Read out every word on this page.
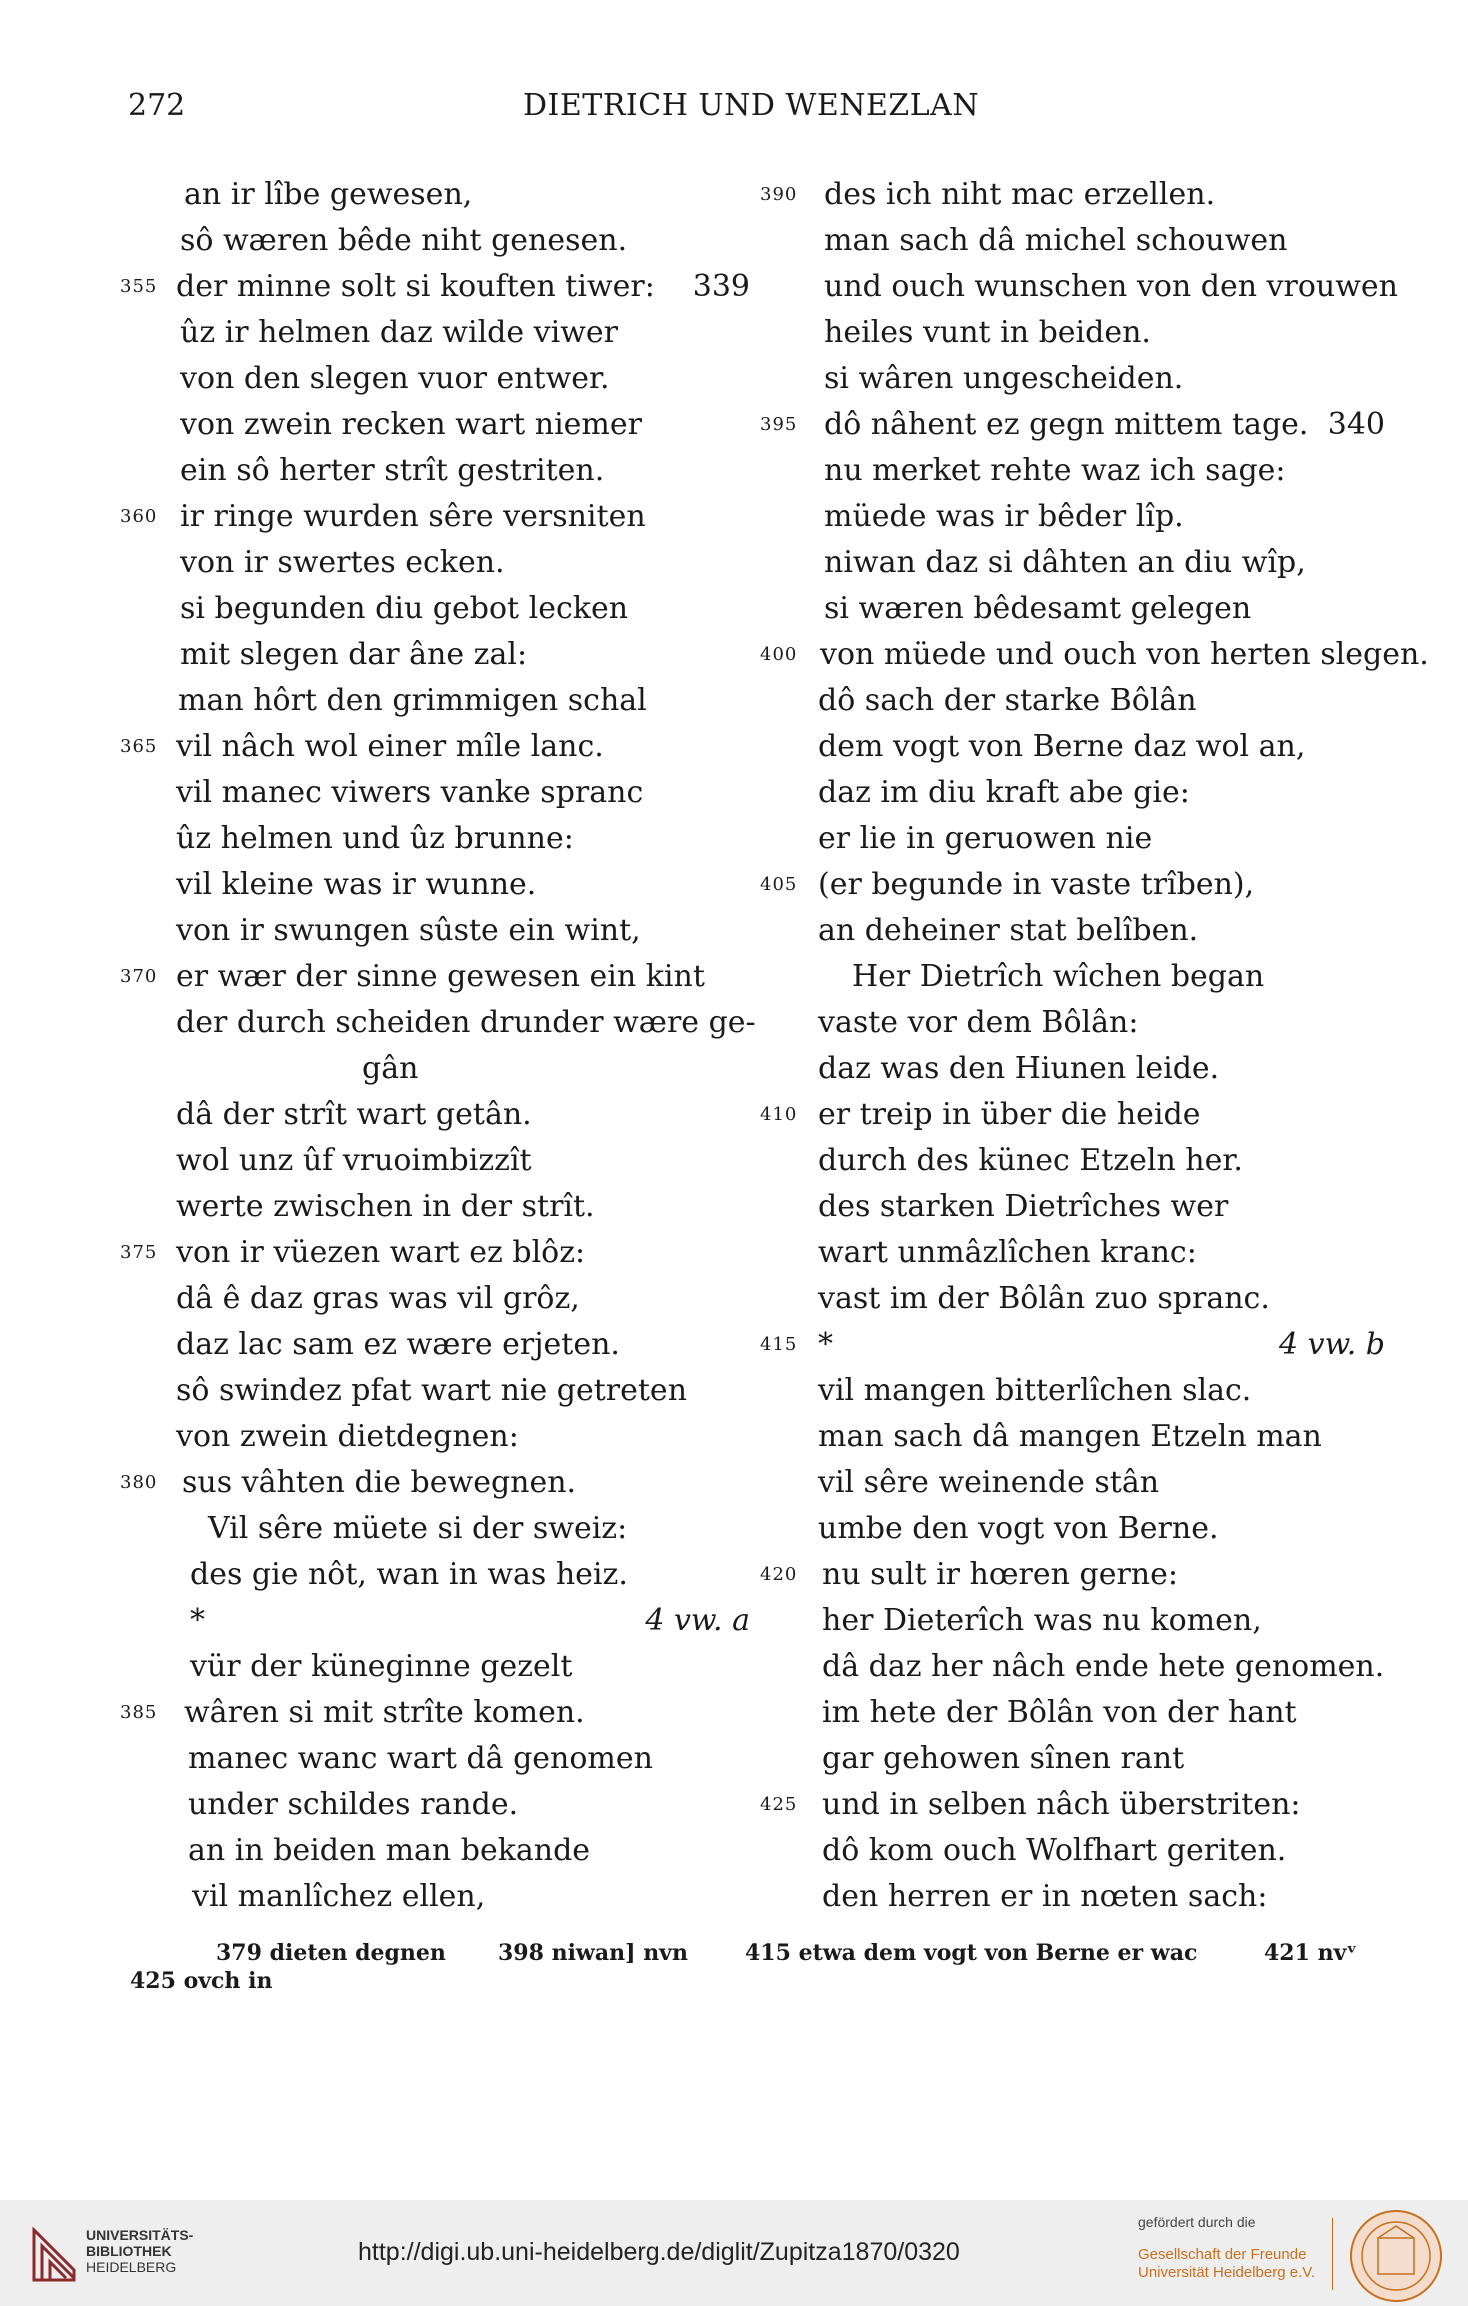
272	DIETRICH UND WENEZLAN
an ir lîbe gewesen,
sô wæren bêde niht genesen.
355 der minne solt si kouften tiwer: 339
ûz ir helmen daz wilde viwer
von den slegen vuor entwer.
von zwein recken wart niemer
ein sô herter strît gestriten.
360 ir ringe wurden sêre versniten
von ir swertes ecken.
si begunden diu gebot lecken
mit slegen dar âne zal:
man hôrt den grimmigen schal
365 vil nâch wol einer mîle lanc.
vil manec viwers vanke spranc
ûz helmen und ûz brunne:
vil kleine was ir wunne.
von ir swungen sûste ein wint,
370 er wær der sinne gewesen ein kint
der durch scheiden drunder wære ge-
gân
dâ der strît wart getân.
wol unz ûf vruoimbizzît
werte zwischen in der strît.
375 von ir vüezen wart ez blôz:
dâ ê daz gras was vil grôz,
daz lac sam ez wære erjeten.
sô swindez pfat wart nie getreten
von zwein dietdegnen:
380 sus vâhten die bewegnen.
Vil sêre müete si der sweiz:
des gie nôt, wan in was heiz.
*	4 vw. a
vür der küneginne gezelt
385 wâren si mit strîte komen.
manec wanc wart dâ genomen
under schildes rande.
an in beiden man bekande
vil manlîchez ellen,
390 des ich niht mac erzellen.
man sach dâ michel schouwen
und ouch wunschen von den vrouwen
heiles vunt in beiden.
si wâren ungescheiden.
395 dô nâhent ez gegn mittem tage. 340
nu merket rehte waz ich sage:
müede was ir bêder lîp.
niwan daz si dâhten an diu wîp,
si wæren bêdesamt gelegen
400 von müede und ouch von herten slegen.
dô sach der starke Bôlân
dem vogt von Berne daz wol an,
daz im diu kraft abe gie:
er lie in geruowen nie
405 (er begunde in vaste trîben),
an deheiner stat belîben.
Her Dietrîch wîchen began
vaste vor dem Bôlân:
daz was den Hiunen leide.
410 er treip in über die heide
durch des künec Etzeln her.
des starken Dietrîches wer
wart unmâzlîchen kranc:
vast im der Bôlân zuo spranc.
415 *	4 vw. b
vil mangen bitterlîchen slac.
man sach dâ mangen Etzeln man
vil sêre weinende stân
umbe den vogt von Berne.
420 nu sult ir hœren gerne:
her Dieterîch was nu komen,
dâ daz her nâch ende hete genomen.
im hete der Bôlân von der hant
gar gehowen sînen rant
425 und in selben nâch überstriten:
dô kom ouch Wolfhart geriten.
den herren er in nœten sach:
379 dieten degnen 398 niwan] nvn	415 etwa dem vogt von Berne er wac	421 nvᵛ
425 ovch in
UNIVERSITÄTS-
BIBLIOTHEK
HEIDELBERG
http://digi.ub.uni-heidelberg.de/diglit/Zupitza1870/0320
gefördert durch die
Gesellschaft der Freunde
Universität Heidelberg e.V.
